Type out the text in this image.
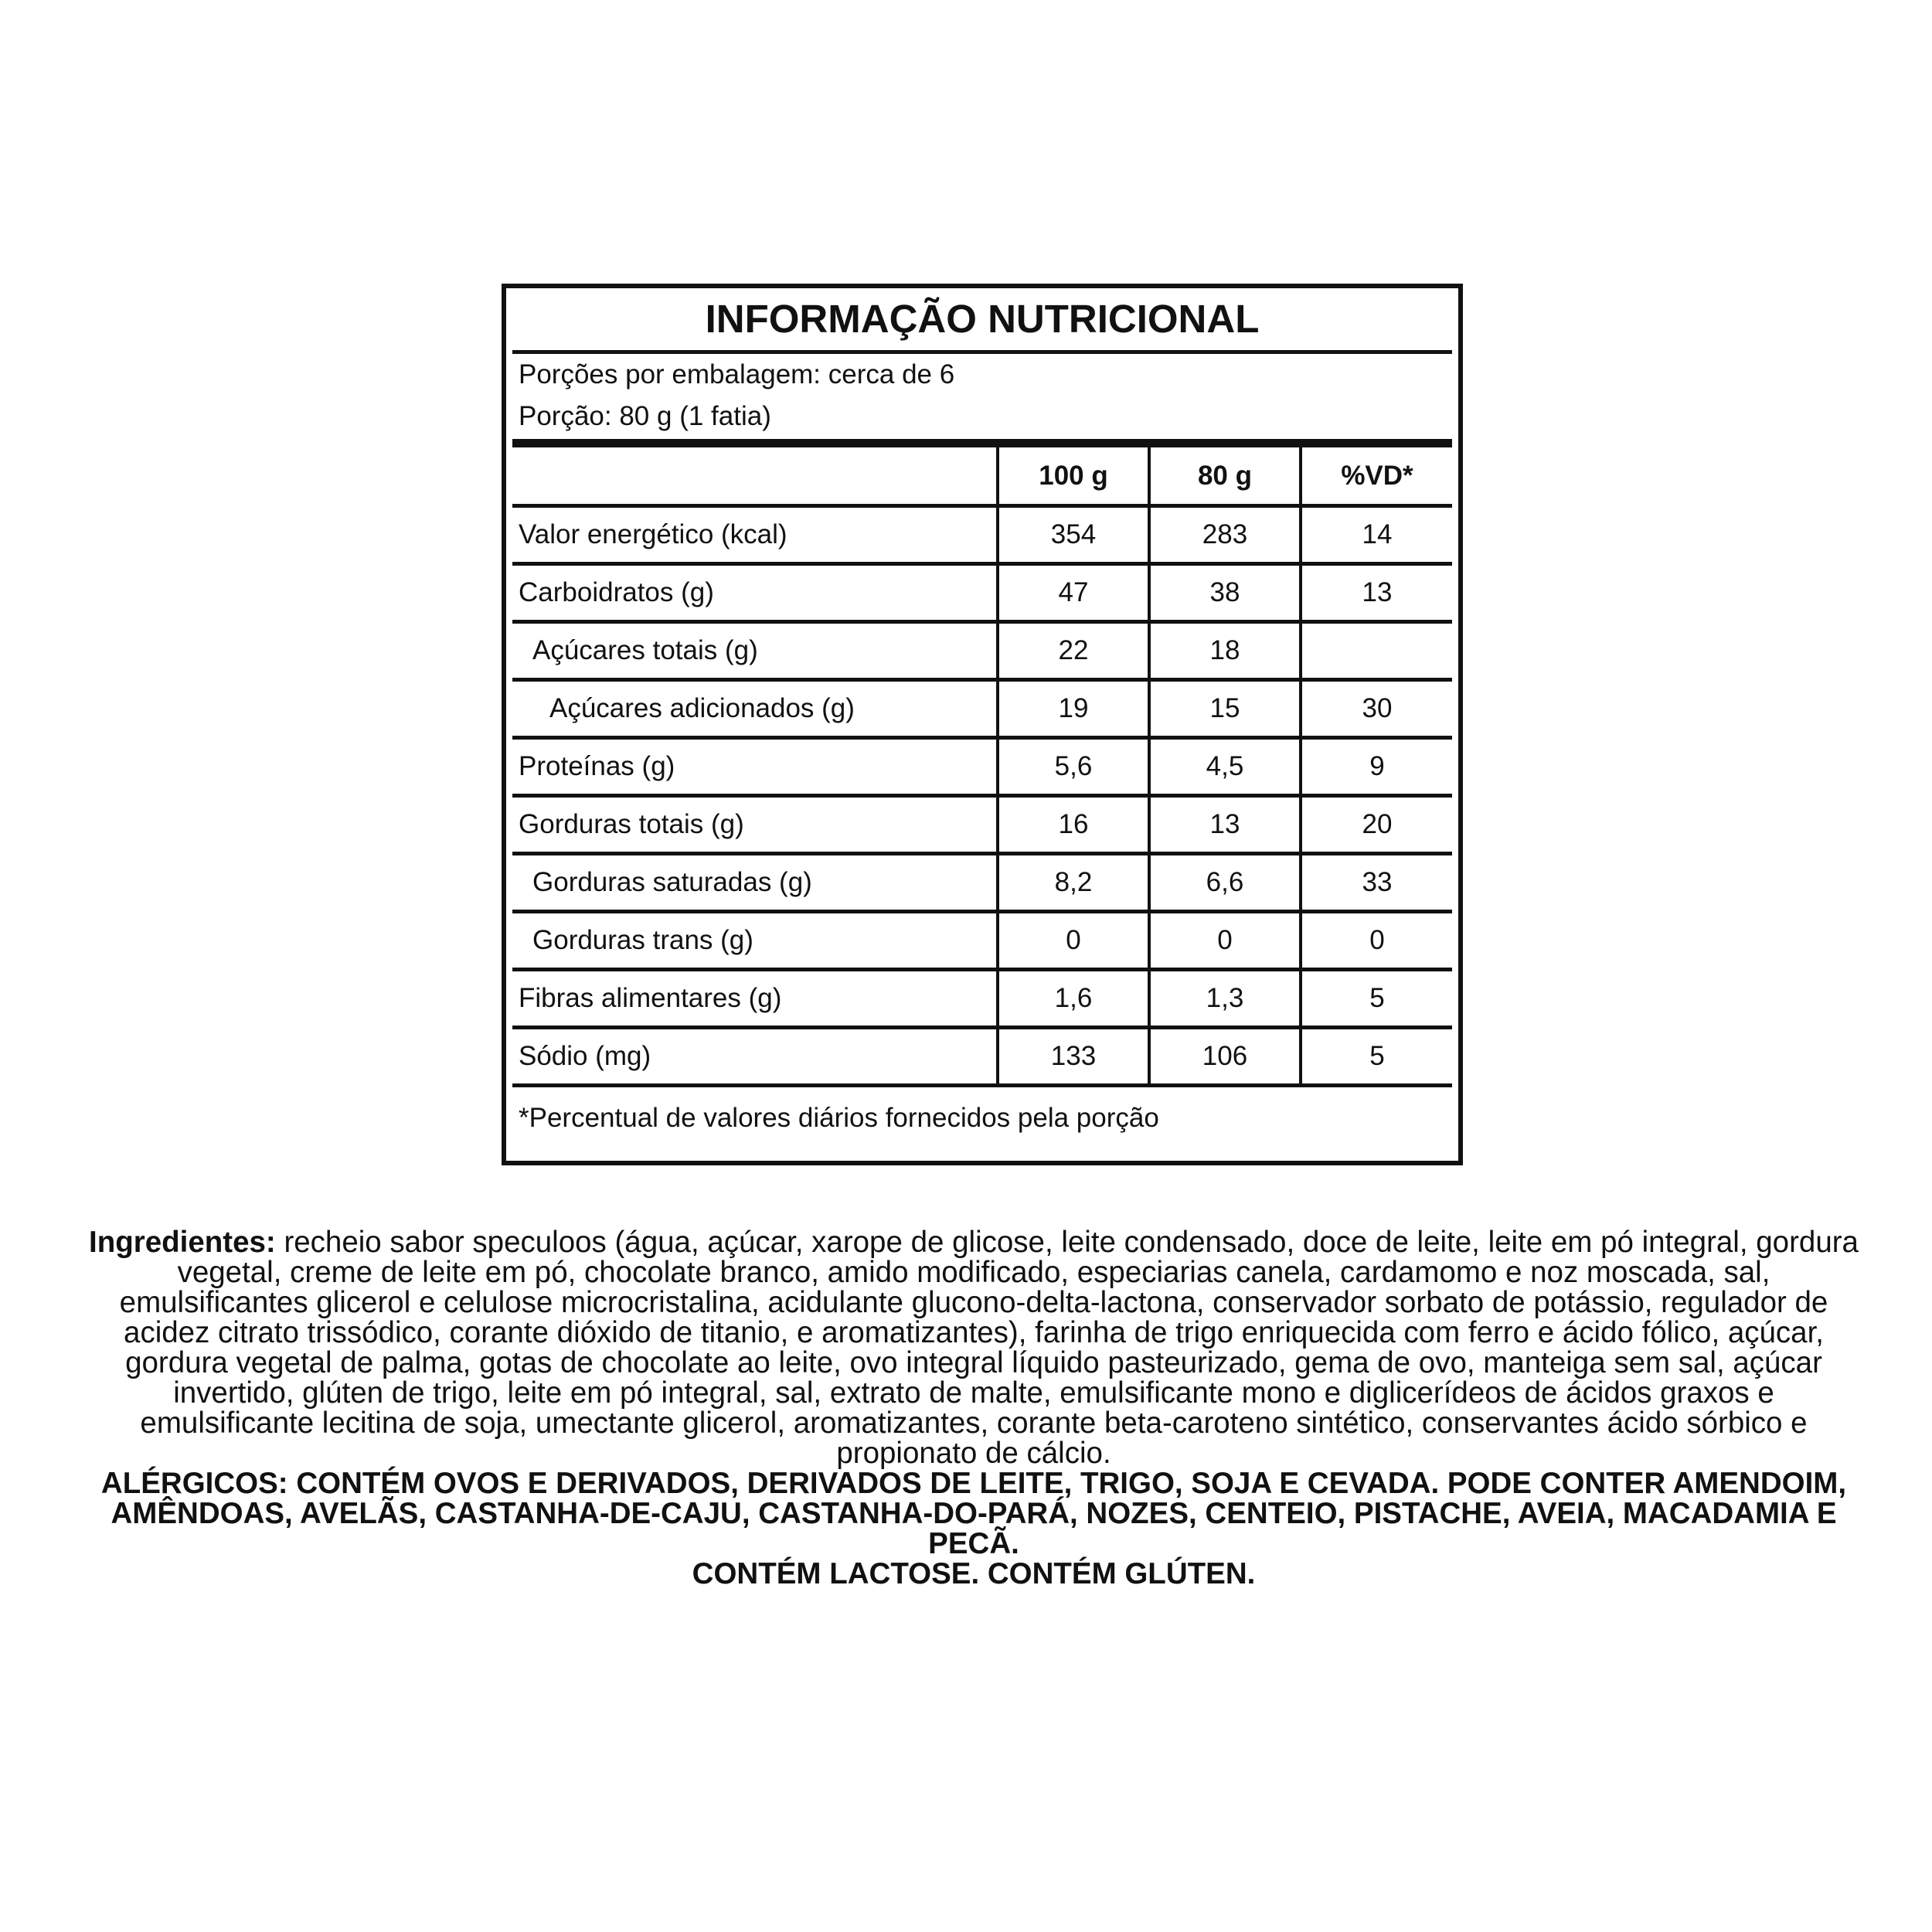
INFORMAÇÃO NUTRICIONAL
Porções por embalagem: cerca de 6
Porção: 80 g (1 fatia)
	100 g	80 g	%VD*
Valor energético (kcal)	354	283	14
Carboidratos (g)	47	38	13
Açúcares totais (g)	22	18	
Açúcares adicionados (g)	19	15	30
Proteínas (g)	5,6	4,5	9
Gorduras totais (g)	16	13	20
Gorduras saturadas (g)	8,2	6,6	33
Gorduras trans (g)	0	0	0
Fibras alimentares (g)	1,6	1,3	5
Sódio (mg)	133	106	5
*Percentual de valores diários fornecidos pela porção
Ingredientes: recheio sabor speculoos (água, açúcar, xarope de glicose, leite condensado, doce de leite, leite em pó integral, gordura vegetal, creme de leite em pó, chocolate branco, amido modificado, especiarias canela, cardamomo e noz moscada, sal, emulsificantes glicerol e celulose microcristalina, acidulante glucono-delta-lactona, conservador sorbato de potássio, regulador de acidez citrato trissódico, corante dióxido de titanio, e aromatizantes), farinha de trigo enriquecida com ferro e ácido fólico, açúcar, gordura vegetal de palma, gotas de chocolate ao leite, ovo integral líquido pasteurizado, gema de ovo, manteiga sem sal, açúcar invertido, glúten de trigo, leite em pó integral, sal, extrato de malte, emulsificante mono e diglicerídeos de ácidos graxos e emulsificante lecitina de soja, umectante glicerol, aromatizantes, corante beta-caroteno sintético, conservantes ácido sórbico e propionato de cálcio.
ALÉRGICOS: CONTÉM OVOS E DERIVADOS, DERIVADOS DE LEITE, TRIGO, SOJA E CEVADA. PODE CONTER AMENDOIM, AMÊNDOAS, AVELÃS, CASTANHA-DE-CAJU, CASTANHA-DO-PARÁ, NOZES, CENTEIO, PISTACHE, AVEIA, MACADAMIA E PECÃ.
CONTÉM LACTOSE. CONTÉM GLÚTEN.
